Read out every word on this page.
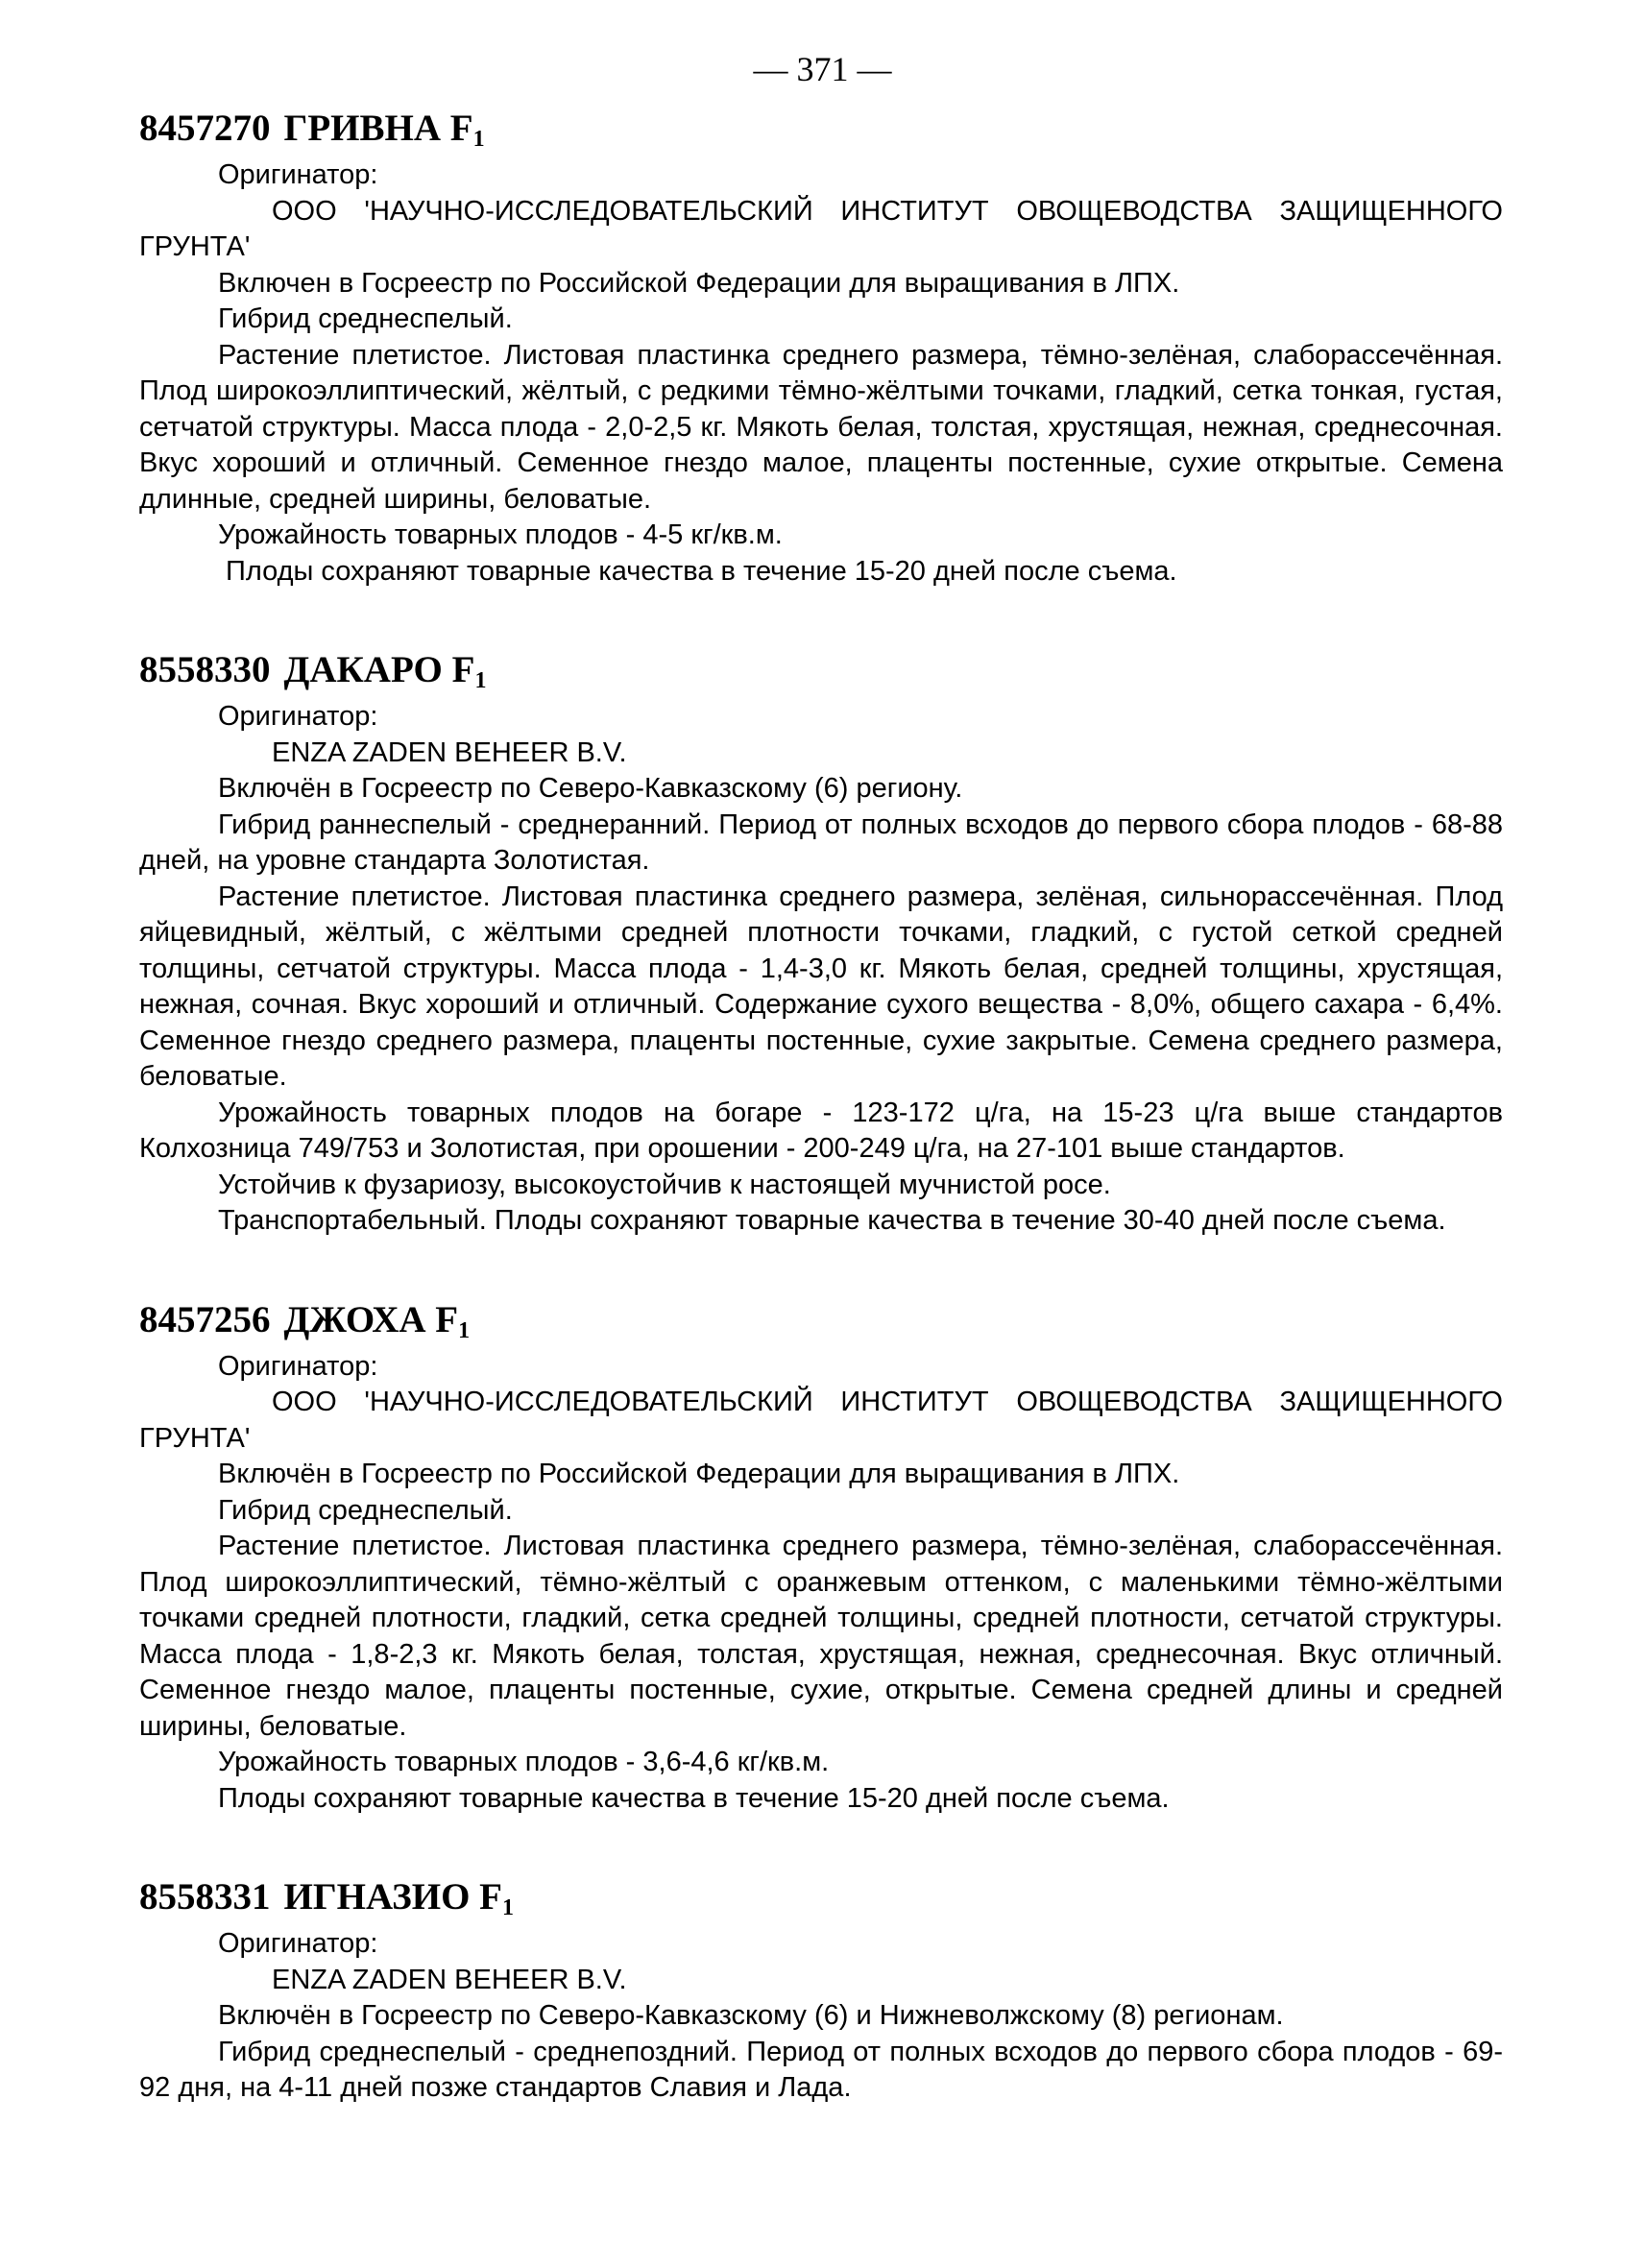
— 371 —
8457270 ГРИВНА $F_1$

Оригинатор:

ООО 'НАУЧНО-ИССЛЕДОВАТЕЛЬСКИЙ ИНСТИТУТ ОВОЩЕВОДСТВА ЗАЩИЩЕННОГО ГРУНТА'

Включен в Госреестр по Российской Федерации для выращивания в ЛПХ.

Гибрид среднеспелый.

Растение плетистое. Листовая пластинка среднего размера, тёмно-зелёная, слаборассечённая. Плод широкоэллиптический, жёлтый, с редкими тёмно-жёлтыми точками, гладкий, сетка тонкая, густая, сетчатой структуры. Масса плода - 2,0-2,5 кг. Мякоть белая, толстая, хрустящая, нежная, среднесочная. Вкус хороший и отличный. Семенное гнездо малое, плаценты постенные, сухие открытые. Семена длинные, средней ширины, беловатые.

Урожайность товарных плодов - 4-5 кг/кв.м.

Плоды сохраняют товарные качества в течение 15-20 дней после съема.

8558330 ДАКАРО $F_1$

Оригинатор:

ENZA ZADEN BEHEER B.V.

Включён в Госреестр по Северо-Кавказскому (6) региону.

Гибрид раннеспелый - среднеранний. Период от полных всходов до первого сбора плодов - 68-88 дней, на уровне стандарта Золотистая.

Растение плетистое. Листовая пластинка среднего размера, зелёная, сильнорассечённая. Плод яйцевидный, жёлтый, с жёлтыми средней плотности точками, гладкий, с густой сеткой средней толщины, сетчатой структуры. Масса плода - 1,4-3,0 кг. Мякоть белая, средней толщины, хрустящая, нежная, сочная. Вкус хороший и отличный. Содержание сухого вещества - 8,0%, общего сахара - 6,4%. Семенное гнездо среднего размера, плаценты постенные, сухие закрытые. Семена среднего размера, беловатые.

Урожайность товарных плодов на богаре - 123-172 ц/га, на 15-23 ц/га выше стандартов Колхозница 749/753 и Золотистая, при орошении - 200-249 ц/га, на 27-101 выше стандартов.

Устойчив к фузариозу, высокоустойчив к настоящей мучнистой росе.

Транспортабельный. Плоды сохраняют товарные качества в течение 30-40 дней после съема.

8457256 ДЖОХА $F_1$

Оригинатор:

ООО 'НАУЧНО-ИССЛЕДОВАТЕЛЬСКИЙ ИНСТИТУТ ОВОЩЕВОДСТВА ЗАЩИЩЕННОГО ГРУНТА'

Включён в Госреестр по Российской Федерации для выращивания в ЛПХ.

Гибрид среднеспелый.

Растение плетистое. Листовая пластинка среднего размера, тёмно-зелёная, слаборассечённая. Плод широкоэллиптический, тёмно-жёлтый с оранжевым оттенком, с маленькими тёмно-жёлтыми точками средней плотности, гладкий, сетка средней толщины, средней плотности, сетчатой структуры. Масса плода - 1,8-2,3 кг. Мякоть белая, толстая, хрустящая, нежная, среднесочная. Вкус отличный. Семенное гнездо малое, плаценты постенные, сухие, открытые. Семена средней длины и средней ширины, беловатые.

Урожайность товарных плодов - 3,6-4,6 кг/кв.м.

Плоды сохраняют товарные качества в течение 15-20 дней после съема.

8558331 ИГНАЗИО $F_1$

Оригинатор:

ENZA ZADEN BEHEER B.V.

Включён в Госреестр по Северо-Кавказскому (6) и Нижневолжскому (8) регионам.

Гибрид среднеспелый - среднепоздний. Период от полных всходов до первого сбора плодов - 69-92 дня, на 4-11 дней позже стандартов Славия и Лада.
